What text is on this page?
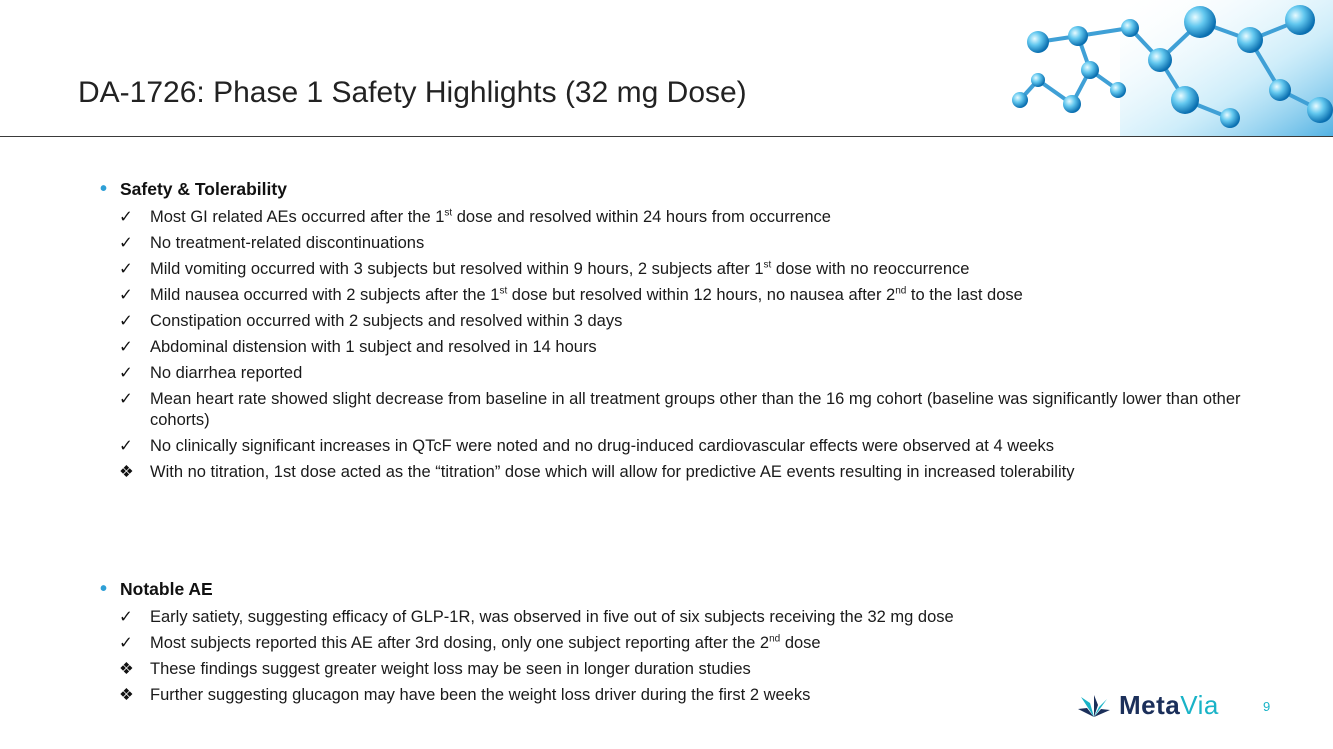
DA-1726: Phase 1 Safety Highlights (32 mg Dose)
• Safety & Tolerability
✓	Most GI related AEs occurred after the 1st dose and resolved within 24 hours from occurrence
✓	No treatment-related discontinuations
✓	Mild vomiting occurred with 3 subjects but resolved within 9 hours, 2 subjects after 1st dose with no reoccurrence
✓	Mild nausea occurred with 2 subjects after the 1st dose but resolved within 12 hours, no nausea after 2nd to the last dose
✓	Constipation occurred with 2 subjects and resolved within 3 days
✓	Abdominal distension with 1 subject and resolved in 14 hours
✓	No diarrhea reported
✓	Mean heart rate showed slight decrease from baseline in all treatment groups other than the 16 mg cohort (baseline was significantly lower than other cohorts)
✓	No clinically significant increases in QTcF were noted and no drug-induced cardiovascular effects were observed at 4 weeks
❖ With no titration, 1st dose acted as the “titration” dose which will allow for predictive AE events resulting in increased tolerability
• Notable AE
✓	Early satiety, suggesting efficacy of GLP-1R, was observed in five out of six subjects receiving the 32 mg dose
✓	Most subjects reported this AE after 3rd dosing, only one subject reporting after the 2nd dose
❖ These findings suggest greater weight loss may be seen in longer duration studies
❖ Further suggesting glucagon may have been the weight loss driver during the first 2 weeks	MetaVia	9
